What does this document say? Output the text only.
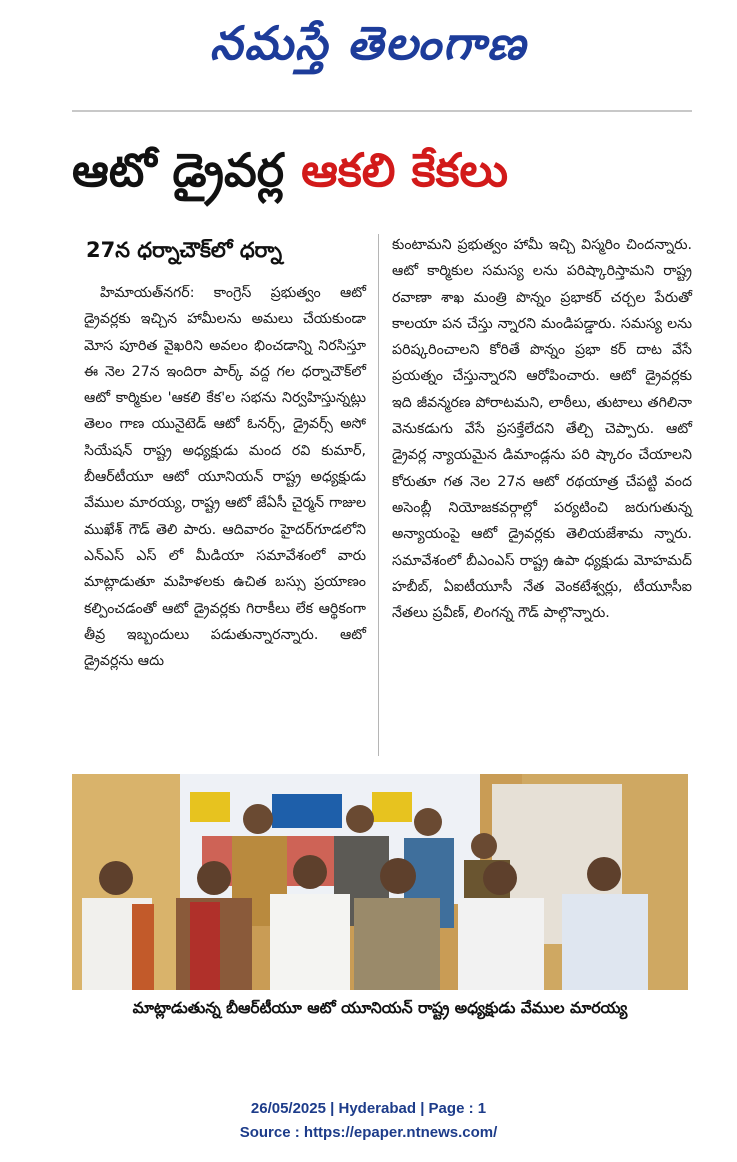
నమస్తే తెలంగాణ
ఆటో డ్రైవర్ల ఆకలి కేకలు
27న ధర్నాచౌక్‌లో ధర్నా
హిమాయత్‌నగర్: కాంగ్రెస్ ప్రభుత్వం ఆటో డ్రైవర్లకు ఇచ్చిన హామీలను అమలు చేయకుండా మోస పూరిత వైఖరిని అవలం భించడాన్ని నిరసిస్తూ ఈ నెల 27న ఇందిరా పార్క్ వద్ద గల ధర్నాచౌక్‌లో ఆటో కార్మికుల 'ఆకలి కేక'ల సభను నిర్వహిస్తున్నట్లు తెలం గాణ యునైటెడ్ ఆటో ఓనర్స్, డ్రైవర్స్ అసో సియేషన్ రాష్ట్ర అధ్యక్షుడు మంద రవి కుమార్, బీఆర్‌టీయూ ఆటో యూనియన్ రాష్ట్ర అధ్యక్షుడు వేముల మారయ్య, రాష్ట్ర ఆటో జేఏసీ చైర్మన్ గాజుల ముఖేశ్ గౌడ్ తెలి పారు. ఆదివారం హైదర్‌గూడలోని ఎన్ఎస్ ఎస్ లో మీడియా సమావేశంలో వారు మాట్లాడుతూ మహిళలకు ఉచిత బస్సు ప్రయాణం కల్పించడంతో ఆటో డ్రైవర్లకు గిరాకీలు లేక ఆర్థికంగా తీవ్ర ఇబ్బందులు పడుతున్నారన్నారు. ఆటో డ్రైవర్లను ఆదు
కుంటామని ప్రభుత్వం హామీ ఇచ్చి విస్మరిం చిందన్నారు. ఆటో కార్మికుల సమస్య లను పరిష్కారిస్తామని రాష్ట్ర రవాణా శాఖ మంత్రి పొన్నం ప్రభాకర్ చర్చల పేరుతో కాలయా పన చేస్తు న్నారని మండిపడ్డారు. సమస్య లను పరిష్కరించాలని కోరితే పొన్నం ప్రభా కర్ దాట వేసే ప్రయత్నం చేస్తున్నారని ఆరోపించారు. ఆటో డ్రైవర్లకు ఇది జీవన్మరణ పోరాటమని, లాఠీలు, తుటాలు తగిలినా వెనుకడుగు వేసే ప్రసక్తేలేదని తేల్చి చెప్పారు. ఆటో డ్రైవర్ల న్యాయమైన డిమాండ్లను పరి ష్కారం చేయాలని కోరుతూ గత నెల 27న ఆటో రథయాత్ర చేపట్టి వంద అసెంబ్లీ నియోజకవర్గాల్లో పర్యటించి జరుగుతున్న అన్యాయంపై ఆటో డ్రైవర్లకు తెలియజేశామ న్నారు. సమావేశంలో బీఎంఎస్ రాష్ట్ర ఉపా ధ్యక్షుడు మోహమద్ హబీబ్, ఏఐటీయూసీ నేత వెంకటేశ్వర్లు, టీయూసీఐ నేతలు ప్రవీణ్, లింగన్న గౌడ్ పాల్గొన్నారు.
మాట్లాడుతున్న బీఆర్‌టీయూ ఆటో యూనియన్ రాష్ట్ర అధ్యక్షుడు వేముల మారయ్య
26/05/2025 | Hyderabad | Page : 1
Source : https://epaper.ntnews.com/
